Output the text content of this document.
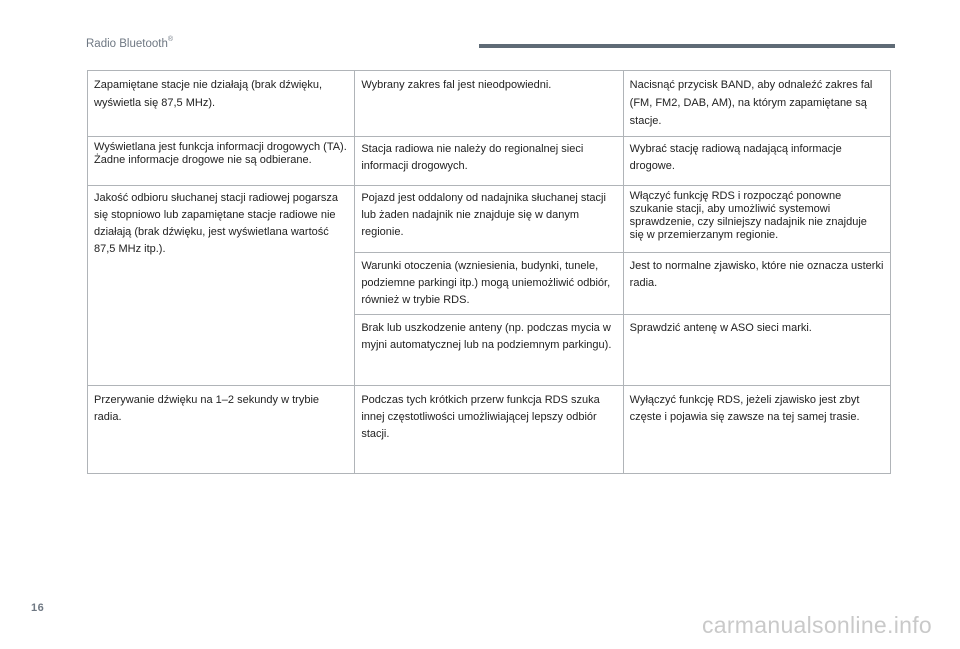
Radio Bluetooth®
Zapamiętane stacje nie działają (brak dźwięku, wyświetla się 87,5 MHz).	Wybrany zakres fal jest nieodpowiedni.	Nacisnąć przycisk BAND, aby odnaleźć zakres fal (FM, FM2, DAB, AM), na którym zapamiętane są stacje.
Wyświetlana jest funkcja informacji drogowych (TA). Żadne informacje drogowe nie są odbierane.	Stacja radiowa nie należy do regionalnej sieci informacji drogowych.	Wybrać stację radiową nadającą informacje drogowe.
Jakość odbioru słuchanej stacji radiowej pogarsza się stopniowo lub zapamiętane stacje radiowe nie działają (brak dźwięku, jest wyświetlana wartość 87,5 MHz itp.).	Pojazd jest oddalony od nadajnika słuchanej stacji lub żaden nadajnik nie znajduje się w danym regionie.	Włączyć funkcję RDS i rozpocząć ponowne szukanie stacji, aby umożliwić systemowi sprawdzenie, czy silniejszy nadajnik nie znajduje się w przemierzanym regionie.
	Warunki otoczenia (wzniesienia, budynki, tunele, podziemne parkingi itp.) mogą uniemożliwić odbiór, również w trybie RDS.	Jest to normalne zjawisko, które nie oznacza usterki radia.
	Brak lub uszkodzenie anteny (np. podczas mycia w myjni automatycznej lub na podziemnym parkingu).	Sprawdzić antenę w ASO sieci marki.
Przerywanie dźwięku na 1–2 sekundy w trybie radia.	Podczas tych krótkich przerw funkcja RDS szuka innej częstotliwości umożliwiającej lepszy odbiór stacji.	Wyłączyć funkcję RDS, jeżeli zjawisko jest zbyt częste i pojawia się zawsze na tej samej trasie.
16
carmanualsonline.info
